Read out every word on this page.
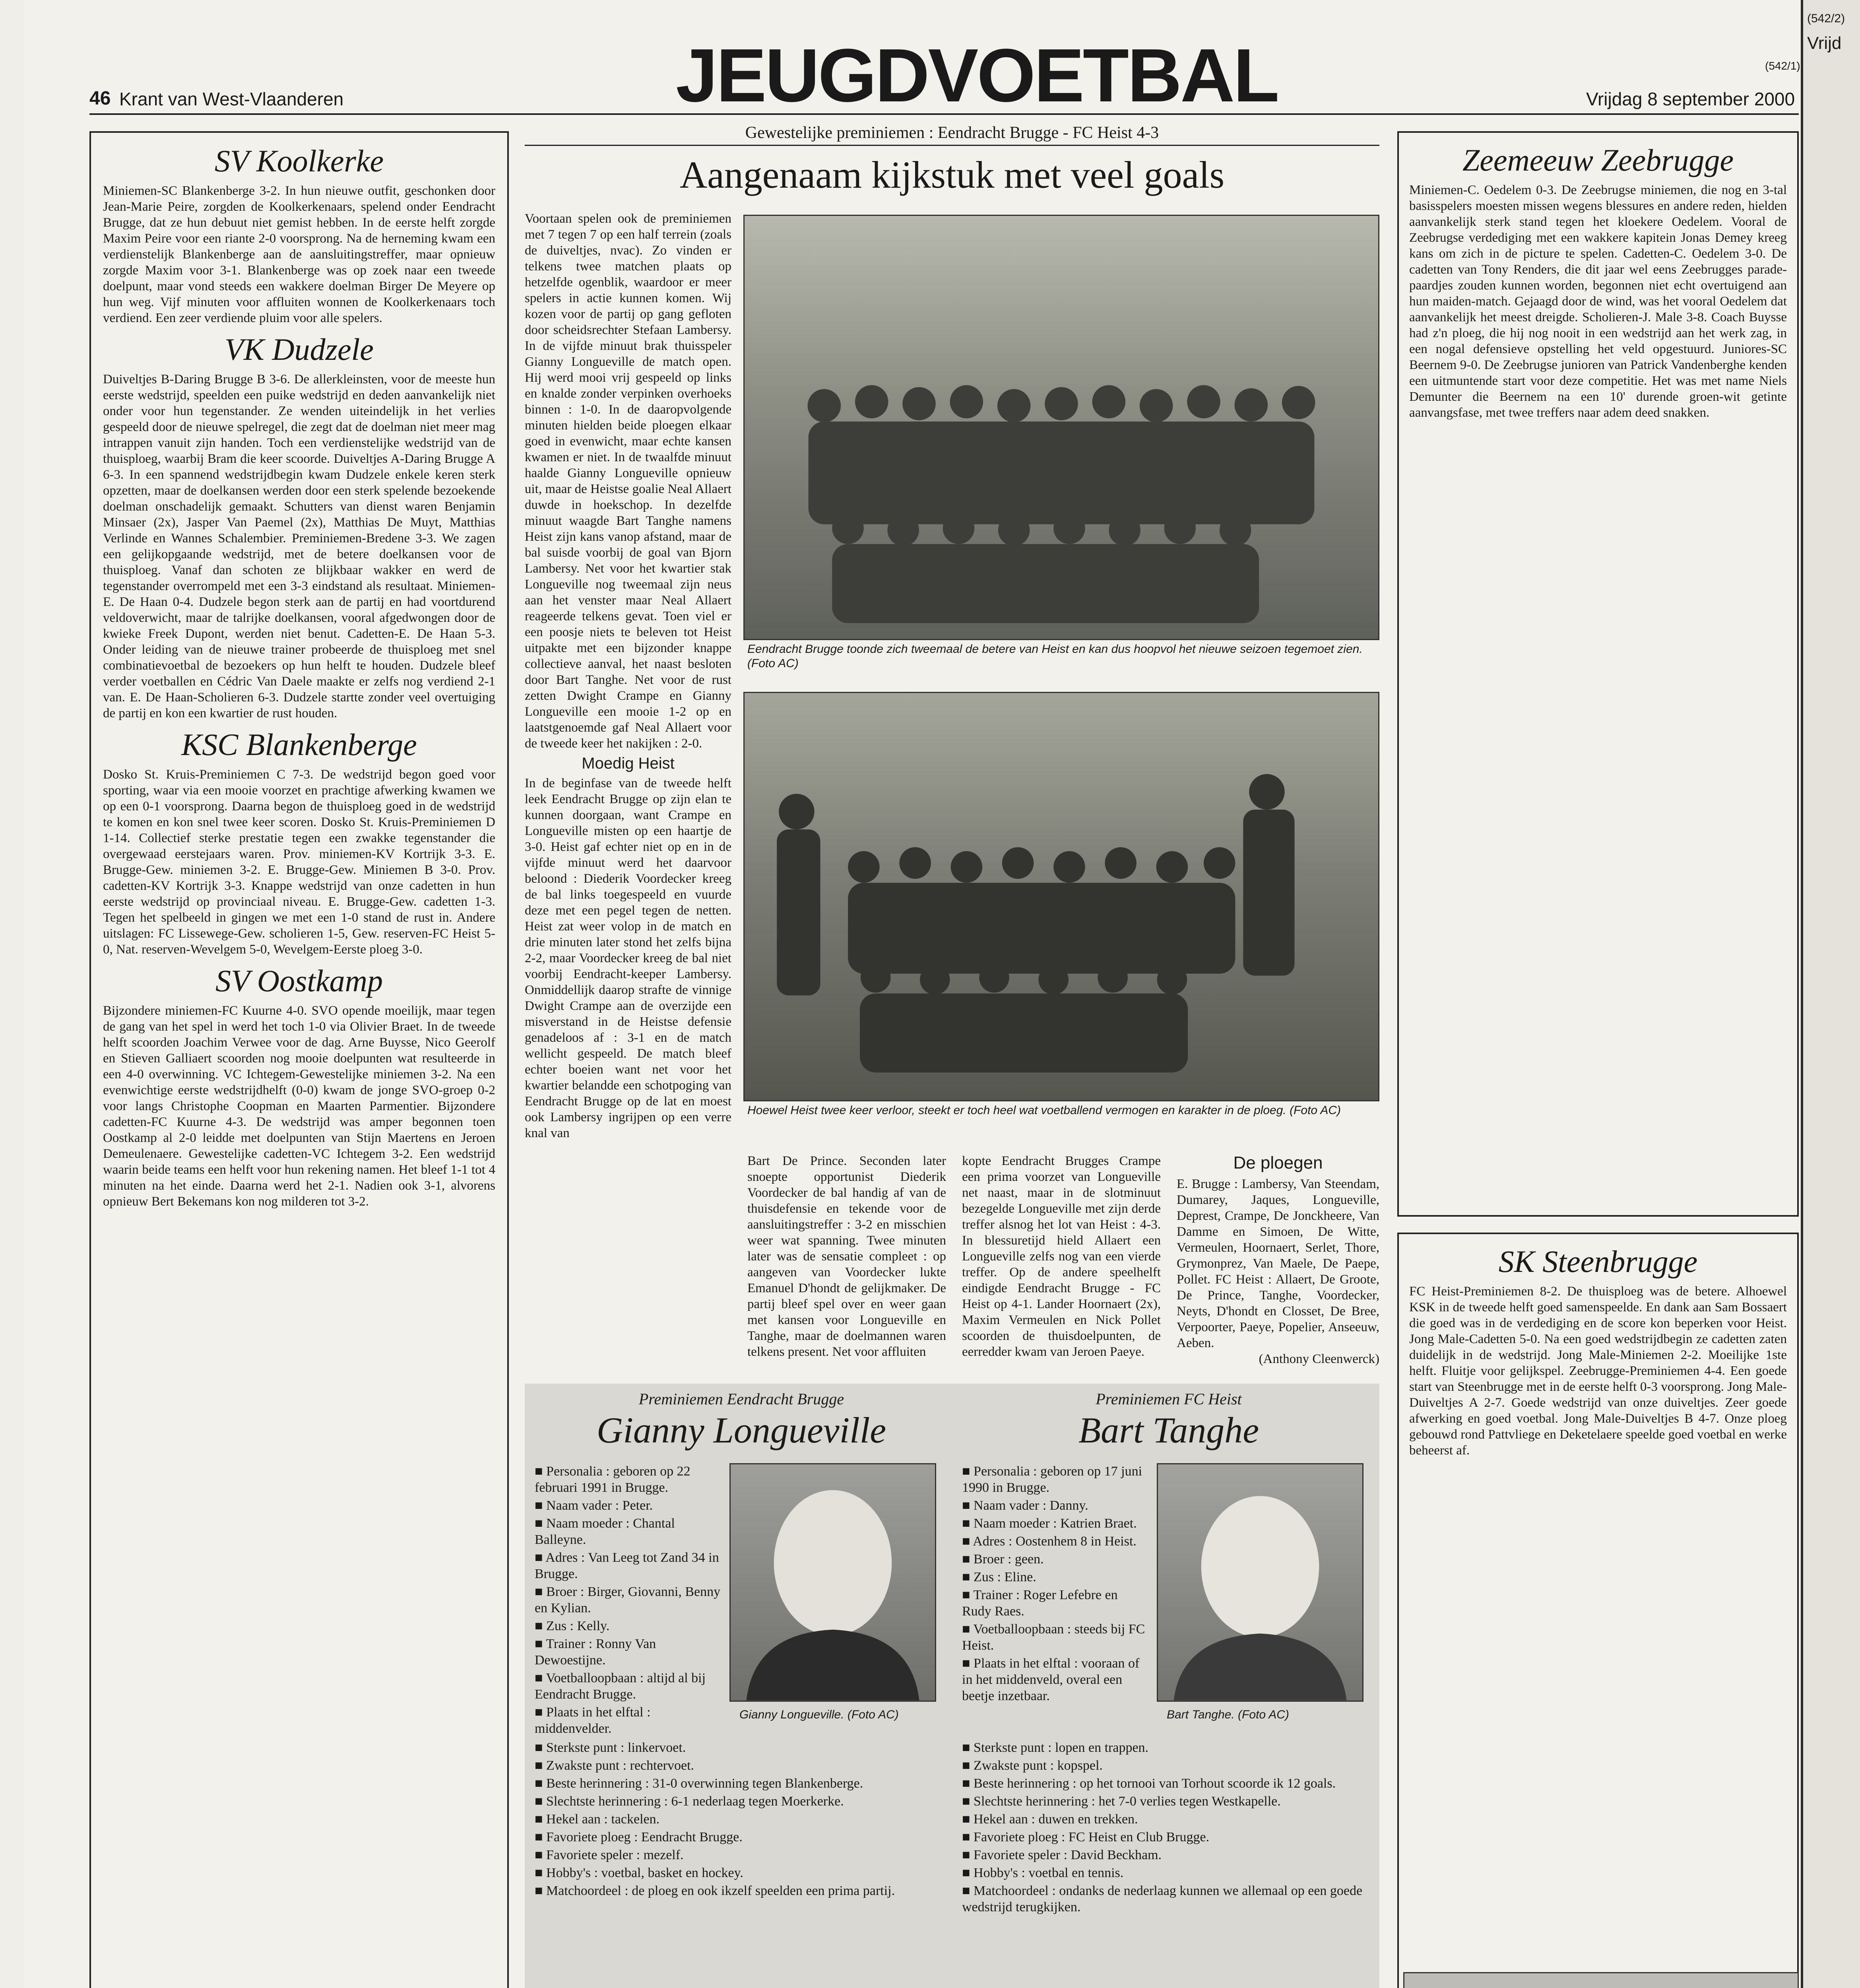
(542/2)
Vrijd
JEUGDVOETBAL
46 Krant van West-Vlaanderen	Vrijdag 8 september 2000
(542/1)
SV Koolkerke
Miniemen-SC Blankenberge 3-2. In hun nieuwe outfit, geschonken door Jean-Marie Peire, zorgden de Koolkerkenaars, spelend onder Eendracht Brugge, dat ze hun debuut niet gemist hebben. In de eerste helft zorgde Maxim Peire voor een riante 2-0 voorsprong. Na de herneming kwam een verdienstelijk Blankenberge aan de aansluitingstreffer, maar opnieuw zorgde Maxim voor 3-1. Blankenberge was op zoek naar een tweede doelpunt, maar vond steeds een wakkere doelman Birger De Meyere op hun weg. Vijf minuten voor affluiten wonnen de Koolkerkenaars toch verdiend. Een zeer verdiende pluim voor alle spelers.
VK Dudzele
Duiveltjes B-Daring Brugge B 3-6. De allerkleinsten, voor de meeste hun eerste wedstrijd, speelden een puike wedstrijd en deden aanvankelijk niet onder voor hun tegenstander. Ze wenden uiteindelijk in het verlies gespeeld door de nieuwe spelregel, die zegt dat de doelman niet meer mag intrappen vanuit zijn handen. Toch een verdienstelijke wedstrijd van de thuisploeg, waarbij Bram die keer scoorde. Duiveltjes A-Daring Brugge A 6-3. In een spannend wedstrijdbegin kwam Dudzele enkele keren sterk opzetten, maar de doelkansen werden door een sterk spelende bezoekende doelman onschadelijk gemaakt. Schutters van dienst waren Benjamin Minsaer (2x), Jasper Van Paemel (2x), Matthias De Muyt, Matthias Verlinde en Wannes Schalembier. Preminiemen-Bredene 3-3. We zagen een gelijkopgaande wedstrijd, met de betere doelkansen voor de thuisploeg. Vanaf dan schoten ze blijkbaar wakker en werd de tegenstander overrompeld met een 3-3 eindstand als resultaat. Miniemen-E. De Haan 0-4. Dudzele begon sterk aan de partij en had voortdurend veldoverwicht, maar de talrijke doelkansen, vooral afgedwongen door de kwieke Freek Dupont, werden niet benut. Cadetten-E. De Haan 5-3. Onder leiding van de nieuwe trainer probeerde de thuisploeg met snel combinatievoetbal de bezoekers op hun helft te houden. Dudzele bleef verder voetballen en Cédric Van Daele maakte er zelfs nog verdiend 2-1 van. E. De Haan-Scholieren 6-3. Dudzele startte zonder veel overtuiging de partij en kon een kwartier de rust houden.
KSC Blankenberge
Dosko St. Kruis-Preminiemen C 7-3. De wedstrijd begon goed voor sporting, waar via een mooie voorzet en prachtige afwerking kwamen we op een 0-1 voorsprong. Daarna begon de thuisploeg goed in de wedstrijd te komen en kon snel twee keer scoren. Dosko St. Kruis-Preminiemen D 1-14. Collectief sterke prestatie tegen een zwakke tegenstander die overgewaad eerstejaars waren. Prov. miniemen-KV Kortrijk 3-3. E. Brugge-Gew. miniemen 3-2. E. Brugge-Gew. Miniemen B 3-0. Prov. cadetten-KV Kortrijk 3-3. Knappe wedstrijd van onze cadetten in hun eerste wedstrijd op provinciaal niveau. E. Brugge-Gew. cadetten 1-3. Tegen het spelbeeld in gingen we met een 1-0 stand de rust in. Andere uitslagen: FC Lissewege-Gew. scholieren 1-5, Gew. reserven-FC Heist 5-0, Nat. reserven-Wevelgem 5-0, Wevelgem-Eerste ploeg 3-0.
SV Oostkamp
Bijzondere miniemen-FC Kuurne 4-0. SVO opende moeilijk, maar tegen de gang van het spel in werd het toch 1-0 via Olivier Braet. In de tweede helft scoorden Joachim Verwee voor de dag. Arne Buysse, Nico Geerolf en Stieven Galliaert scoorden nog mooie doelpunten wat resulteerde in een 4-0 overwinning. VC Ichtegem-Gewestelijke miniemen 3-2. Na een evenwichtige eerste wedstrijdhelft (0-0) kwam de jonge SVO-groep 0-2 voor langs Christophe Coopman en Maarten Parmentier. Bijzondere cadetten-FC Kuurne 4-3. De wedstrijd was amper begonnen toen Oostkamp al 2-0 leidde met doelpunten van Stijn Maertens en Jeroen Demeulenaere. Gewestelijke cadetten-VC Ichtegem 3-2. Een wedstrijd waarin beide teams een helft voor hun rekening namen. Het bleef 1-1 tot 4 minuten na het einde. Daarna werd het 2-1. Nadien ook 3-1, alvorens opnieuw Bert Bekemans kon nog milderen tot 3-2.
Gewestelijke preminiemen : Eendracht Brugge - FC Heist 4-3
Aangenaam kijkstuk met veel goals

Voortaan spelen ook de preminiemen met 7 tegen 7 op een half terrein (zoals de duiveltjes, nvac). Zo vinden er telkens twee matchen plaats op hetzelfde ogenblik, waardoor er meer spelers in actie kunnen komen. Wij kozen voor de partij op gang gefloten door scheidsrechter Stefaan Lambersy. In de vijfde minuut brak thuisspeler Gianny Longueville de match open. Hij werd mooi vrij gespeeld op links en knalde zonder verpinken overhoeks binnen : 1-0. In de daaropvolgende minuten hielden beide ploegen elkaar goed in evenwicht, maar echte kansen kwamen er niet. In de twaalfde minuut haalde Gianny Longueville opnieuw uit, maar de Heistse goalie Neal Allaert duwde in hoekschop. In dezelfde minuut waagde Bart Tanghe namens Heist zijn kans vanop afstand, maar de bal suisde voorbij de goal van Bjorn Lambersy. Net voor het kwartier stak Longueville nog tweemaal zijn neus aan het venster maar Neal Allaert reageerde telkens gevat. Toen viel er een poosje niets te beleven tot Heist uitpakte met een bijzonder knappe collectieve aanval, het naast besloten door Bart Tanghe. Net voor de rust zetten Dwight Crampe en Gianny Longueville een mooie 1-2 op en laatstgenoemde gaf Neal Allaert voor de tweede keer het nakijken : 2-0.

Moedig Heist

In de beginfase van de tweede helft leek Eendracht Brugge op zijn elan te kunnen doorgaan, want Crampe en Longueville misten op een haartje de 3-0. Heist gaf echter niet op en in de vijfde minuut werd het daarvoor beloond : Diederik Voordecker kreeg de bal links toegespeeld en vuurde deze met een pegel tegen de netten. Heist zat weer volop in de match en drie minuten later stond het zelfs bijna 2-2, maar Voordecker kreeg de bal niet voorbij Eendracht-keeper Lambersy. Onmiddellijk daarop strafte de vinnige Dwight Crampe aan de overzijde een misverstand in de Heistse defensie genadeloos af : 3-1 en de match wellicht gespeeld. De match bleef echter boeien want net voor het kwartier belandde een schotpoging van Eendracht Brugge op de lat en moest ook Lambersy ingrijpen op een verre knal van

Eendracht Brugge toonde zich tweemaal de betere van Heist en kan dus hoopvol het nieuwe seizoen tegemoet zien. (Foto AC)
Hoewel Heist twee keer verloor, steekt er toch heel wat voetballend vermogen en karakter in de ploeg. (Foto AC)
Bart De Prince. Seconden later snoepte opportunist Diederik Voordecker de bal handig af van de thuisdefensie en tekende voor de aansluitingstreffer : 3-2 en misschien weer wat spanning. Twee minuten later was de sensatie compleet : op aangeven van Voordecker lukte Emanuel D'hondt de gelijkmaker. De partij bleef spel over en weer gaan met kansen voor Longueville en Tanghe, maar de doelmannen waren telkens present. Net voor affluiten
kopte Eendracht Brugges Crampe een prima voorzet van Longueville net naast, maar in de slotminuut bezegelde Longueville met zijn derde treffer alsnog het lot van Heist : 4-3. In blessuretijd hield Allaert een Longueville zelfs nog van een vierde treffer. Op de andere speelhelft eindigde Eendracht Brugge - FC Heist op 4-1. Lander Hoornaert (2x), Maxim Vermeulen en Nick Pollet scoorden de thuisdoelpunten, de eerredder kwam van Jeroen Paeye.
De ploegen
E. Brugge : Lambersy, Van Steendam, Dumarey, Jaques, Longueville, Deprest, Crampe, De Jonckheere, Van Damme en Simoen, De Witte, Vermeulen, Hoornaert, Serlet, Thore, Grymonprez, Van Maele, De Paepe, Pollet. FC Heist : Allaert, De Groote, De Prince, Tanghe, Voordecker, Neyts, D'hondt en Closset, De Bree, Verpoorter, Paeye, Popelier, Anseeuw, Aeben.
(Anthony Cleenwerck)
Preminiemen Eendracht Brugge
Gianny Longueville
Gianny Longueville. (Foto AC)
■ Personalia : geboren op 22 februari 1991 in Brugge.
■ Naam vader : Peter.
■ Naam moeder : Chantal Balleyne.
■ Adres : Van Leeg tot Zand 34 in Brugge.
■ Broer : Birger, Giovanni, Benny en Kylian.
■ Zus : Kelly.
■ Trainer : Ronny Van Dewoestijne.
■ Voetballoopbaan : altijd al bij Eendracht Brugge.
■ Plaats in het elftal : middenvelder.
■ Sterkste punt : linkervoet.
■ Zwakste punt : rechtervoet.
■ Beste herinnering : 31-0 overwinning tegen Blankenberge.
■ Slechtste herinnering : 6-1 nederlaag tegen Moerkerke.
■ Hekel aan : tackelen.
■ Favoriete ploeg : Eendracht Brugge.
■ Favoriete speler : mezelf.
■ Hobby's : voetbal, basket en hockey.
■ Matchoordeel : de ploeg en ook ikzelf speelden een prima partij.
Preminiemen FC Heist
Bart Tanghe
Bart Tanghe. (Foto AC)
■ Personalia : geboren op 17 juni 1990 in Brugge.
■ Naam vader : Danny.
■ Naam moeder : Katrien Braet.
■ Adres : Oostenhem 8 in Heist.
■ Broer : geen.
■ Zus : Eline.
■ Trainer : Roger Lefebre en Rudy Raes.
■ Voetballoopbaan : steeds bij FC Heist.
■ Plaats in het elftal : vooraan of in het middenveld, overal een beetje inzetbaar.
■ Sterkste punt : lopen en trappen.
■ Zwakste punt : kopspel.
■ Beste herinnering : op het tornooi van Torhout scoorde ik 12 goals.
■ Slechtste herinnering : het 7-0 verlies tegen Westkapelle.
■ Hekel aan : duwen en trekken.
■ Favoriete ploeg : FC Heist en Club Brugge.
■ Favoriete speler : David Beckham.
■ Hobby's : voetbal en tennis.
■ Matchoordeel : ondanks de nederlaag kunnen we allemaal op een goede wedstrijd terugkijken.
Zeemeeuw Zeebrugge
Miniemen-C. Oedelem 0-3. De Zeebrugse miniemen, die nog en 3-tal basisspelers moesten missen wegens blessures en andere reden, hielden aanvankelijk sterk stand tegen het kloekere Oedelem. Vooral de Zeebrugse verdediging met een wakkere kapitein Jonas Demey kreeg kans om zich in de picture te spelen. Cadetten-C. Oedelem 3-0. De cadetten van Tony Renders, die dit jaar wel eens Zeebrugges parade-paardjes zouden kunnen worden, begonnen niet echt overtuigend aan hun maiden-match. Gejaagd door de wind, was het vooral Oedelem dat aanvankelijk het meest dreigde. Scholieren-J. Male 3-8. Coach Buysse had z'n ploeg, die hij nog nooit in een wedstrijd aan het werk zag, in een nogal defensieve opstelling het veld opgestuurd. Juniores-SC Beernem 9-0. De Zeebrugse junioren van Patrick Vandenberghe kenden een uitmuntende start voor deze competitie. Het was met name Niels Demunter die Beernem na een 10' durende groen-wit getinte aanvangsfase, met twee treffers naar adem deed snakken.
SK Steenbrugge
FC Heist-Preminiemen 8-2. De thuisploeg was de betere. Alhoewel KSK in de tweede helft goed samenspeelde. En dank aan Sam Bossaert die goed was in de verdediging en de score kon beperken voor Heist. Jong Male-Cadetten 5-0. Na een goed wedstrijdbegin ze cadetten zaten duidelijk in de wedstrijd. Jong Male-Miniemen 2-2. Moeilijke 1ste helft. Fluitje voor gelijkspel. Zeebrugge-Preminiemen 4-4. Een goede start van Steenbrugge met in de eerste helft 0-3 voorsprong. Jong Male-Duiveltjes A 2-7. Goede wedstrijd van onze duiveltjes. Zeer goede afwerking en goed voetbal. Jong Male-Duiveltjes B 4-7. Onze ploeg gebouwd rond Pattvliege en Deketelaere speelde goed voetbal en werke beheerst af.
